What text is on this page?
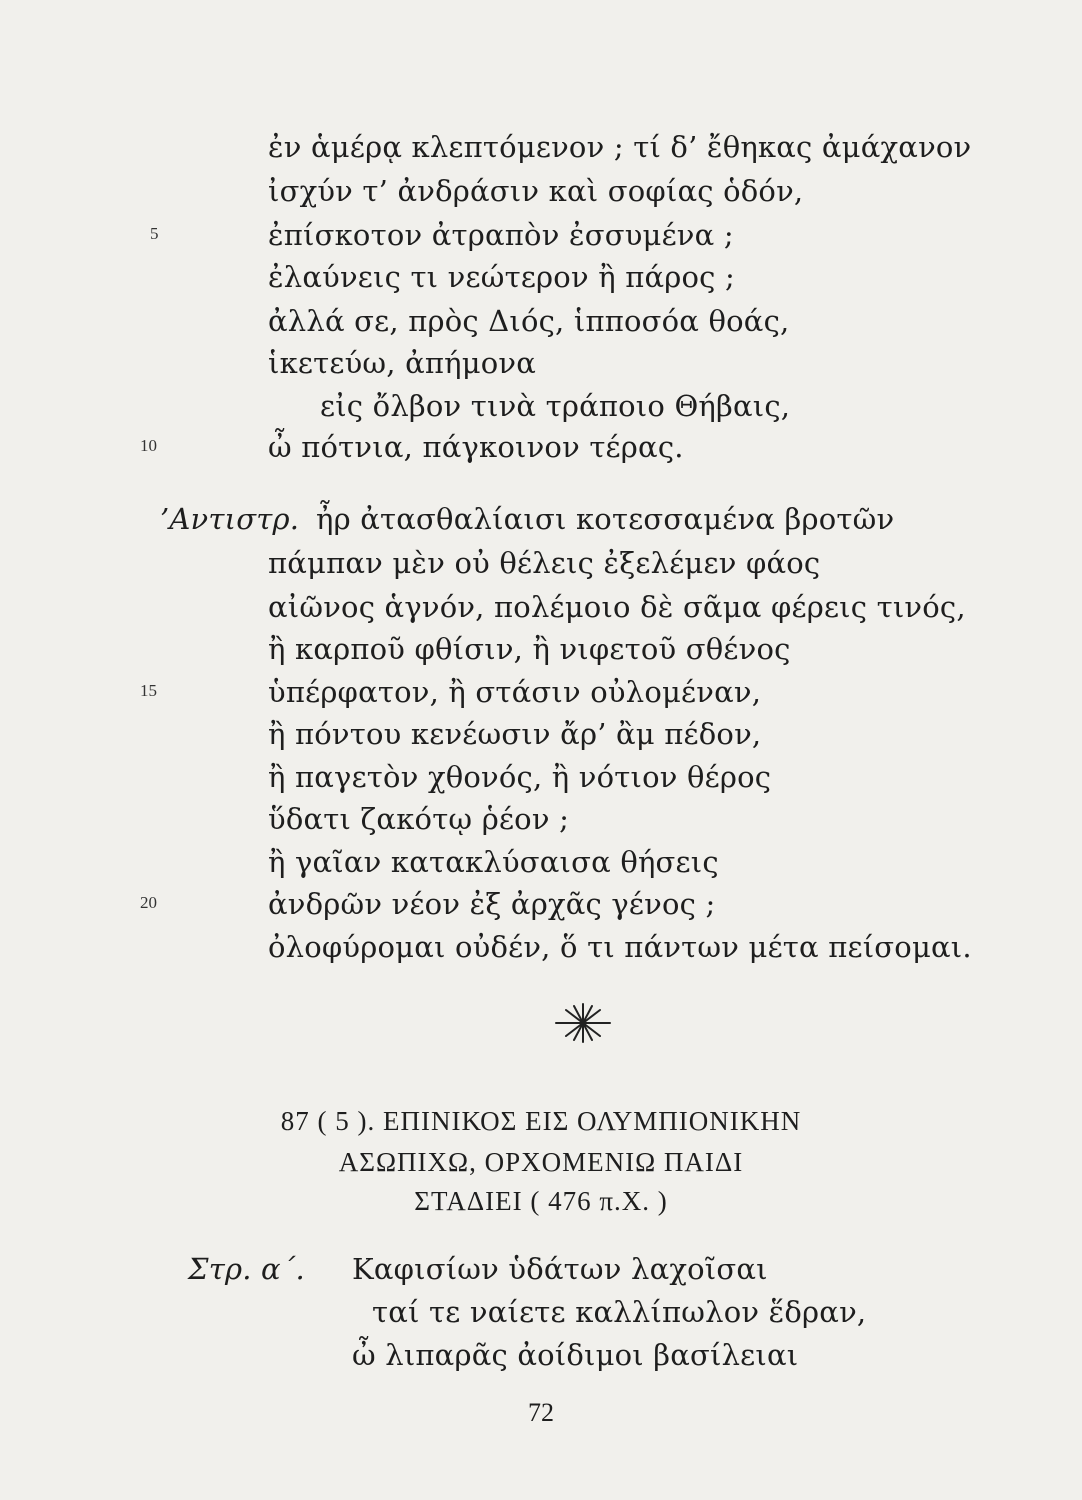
ἐν ἁμέρᾳ κλεπτόμενον ; τί δ’ ἔθηκας ἀμάχανον
ἰσχύν τ’ ἀνδράσιν καὶ σοφίας ὁδόν,
5	ἐπίσκοτον ἀτραπὸν ἐσσυμένα ;
ἐλαύνεις τι νεώτερον ἢ πάρος ;
ἀλλά σε, πρὸς Διός, ἱπποσόα θοάς,
ἱκετεύω, ἀπήμονα
εἰς ὄλβον τινὰ τράποιο Θήβαις,
10	ὦ πότνια, πάγκοινον τέρας.
’Αντιστρ. ἦρ ἀτασθαλίαισι κοτεσσαμένα βροτῶν
πάμπαν μὲν οὐ θέλεις ἐξελέμεν φάος
αἰῶνος ἁγνόν, πολέμοιο δὲ σᾶμα φέρεις τινός,
ἢ καρποῦ φθίσιν, ἢ νιφετοῦ σθένος
15	ὑπέρφατον, ἢ στάσιν οὐλομέναν,
ἢ πόντου κενέωσιν ἄρ’ ἂμ πέδον,
ἢ παγετὸν χθονός, ἢ νότιον θέρος
ὕδατι ζακότῳ ῥέον ;
ἢ γαῖαν κατακλύσαισα θήσεις
20	ἀνδρῶν νέον ἐξ ἀρχᾶς γένος ;
ὀλοφύρομαι οὐδέν, ὅ τι πάντων μέτα πείσομαι.
87 ( 5 ). ΕΠΙΝΙΚΟΣ ΕΙΣ ΟΛΥΜΠΙΟΝΙΚΗΝ
ΑΣΩΠΙΧΩ, ΟΡΧΟΜΕΝΙΩ ΠΑΙΔΙ
ΣΤΑΔΙΕΙ ( 476 π.Χ. )
Στρ. α΄. Καφισίων ὑδάτων λαχοῖσαι
ταί τε ναίετε καλλίπωλον ἕδραν,
ὦ λιπαρᾶς ἀοίδιμοι βασίλειαι
72
